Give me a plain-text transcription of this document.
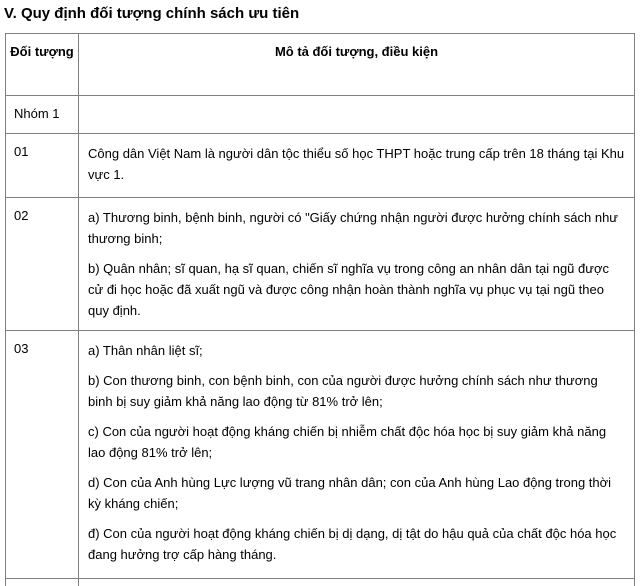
V. Quy định đối tượng chính sách ưu tiên
Đối tượng	Mô tả đối tượng, điều kiện
Nhóm 1	
01	Công dân Việt Nam là người dân tộc thiểu số học THPT hoặc trung cấp trên 18 tháng tại Khu vực 1.

02	a) Thương binh, bệnh binh, người có "Giấy chứng nhận người được hưởng chính sách như thương binh;

b) Quân nhân; sĩ quan, hạ sĩ quan, chiến sĩ nghĩa vụ trong công an nhân dân tại ngũ được cử đi học hoặc đã xuất ngũ và được công nhận hoàn thành nghĩa vụ phục vụ tại ngũ theo quy định.

03	a) Thân nhân liệt sĩ;

b) Con thương binh, con bệnh binh, con của người được hưởng chính sách như thương binh bị suy giảm khả năng lao động từ 81% trở lên;

c) Con của người hoạt động kháng chiến bị nhiễm chất độc hóa học bị suy giảm khả năng lao động 81% trở lên;

d) Con của Anh hùng Lực lượng vũ trang nhân dân; con của Anh hùng Lao động trong thời kỳ kháng chiến;

đ) Con của người hoạt động kháng chiến bị dị dạng, dị tật do hậu quả của chất độc hóa học đang hưởng trợ cấp hàng tháng.
